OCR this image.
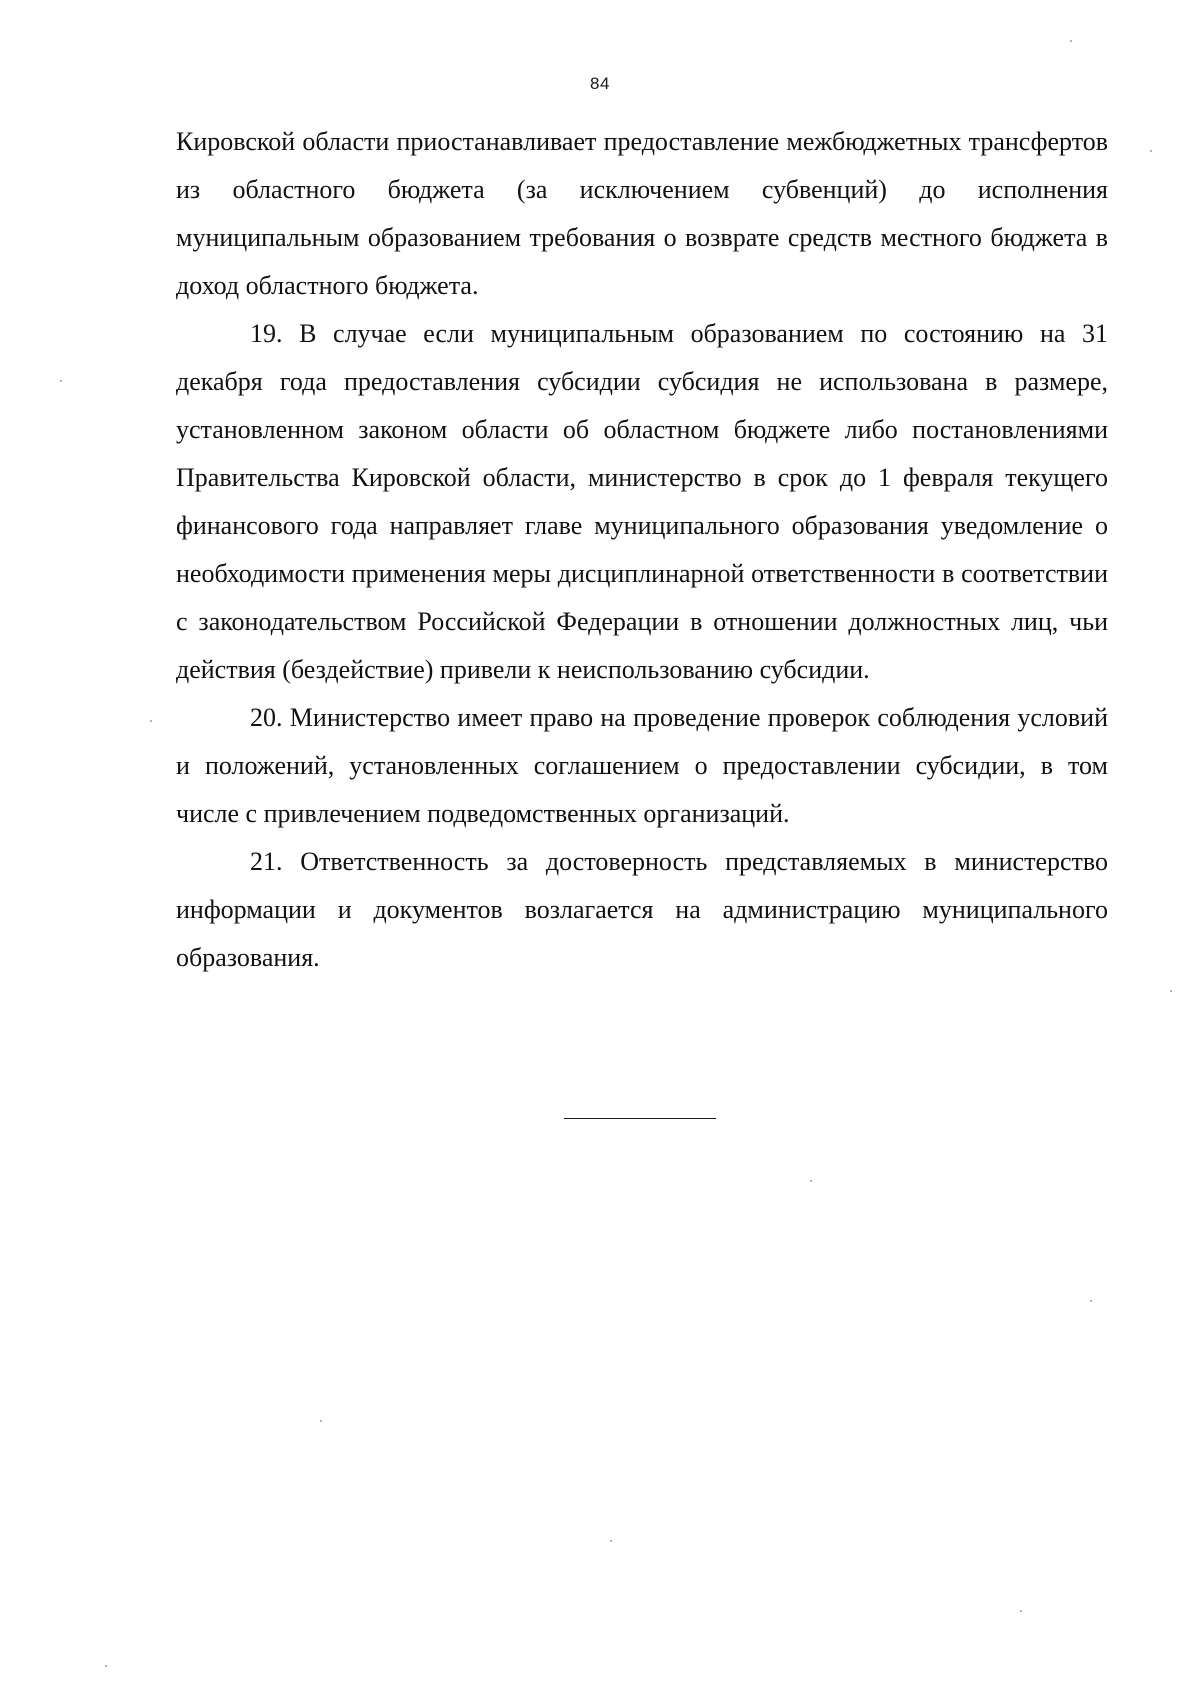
84

Кировской области приостанавливает предоставление межбюджетных трансфертов из областного бюджета (за исключением субвенций) до исполнения муниципальным образованием требования о возврате средств местного бюджета в доход областного бюджета.

19. В случае если муниципальным образованием по состоянию на 31 декабря года предоставления субсидии субсидия не использована в размере, установленном законом области об областном бюджете либо постановлениями Правительства Кировской области, министерство в срок до 1 февраля текущего финансового года направляет главе муниципального образования уведомление о необходимости применения меры дисциплинарной ответственности в соответствии с законодательством Российской Федерации в отношении должностных лиц, чьи действия (бездействие) привели к неиспользованию субсидии.

20. Министерство имеет право на проведение проверок соблюдения условий и положений, установленных соглашением о предоставлении субсидии, в том числе с привлечением подведомственных организаций.

21. Ответственность за достоверность представляемых в министерство информации и документов возлагается на администрацию муниципального образования.
